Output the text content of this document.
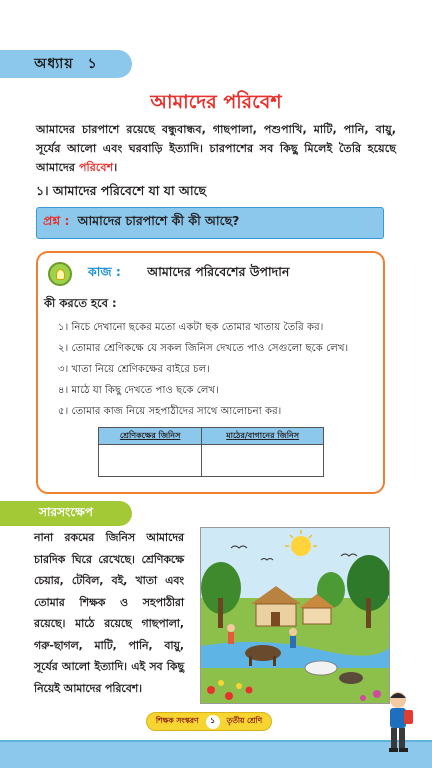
অধ্যায় ১
আমাদের পরিবেশ

আমাদের চারপাশে রয়েছে বন্ধুবান্ধব, গাছপালা, পশুপাখি, মাটি, পানি, বায়ু, সূর্যের আলো এবং ঘরবাড়ি ইত্যাদি। চারপাশের সব কিছু মিলেই তৈরি হয়েছে আমাদের পরিবেশ।

১। আমাদের পরিবেশে যা যা আছে
প্রশ্ন : আমাদের চারপাশে কী কী আছে?
কাজ : আমাদের পরিবেশের উপাদান
কী করতে হবে :
১। নিচে দেখানো ছকের মতো একটা ছক তোমার খাতায় তৈরি কর।
২। তোমার শ্রেণিকক্ষে যে সকল জিনিস দেখতে পাও সেগুলো ছকে লেখ।
৩। খাতা নিয়ে শ্রেণিকক্ষের বাইরে চল।
৪। মাঠে যা কিছু দেখতে পাও ছকে লেখ।
৫। তোমার কাজ নিয়ে সহপাঠীদের সাথে আলোচনা কর।
শ্রেণিকক্ষের জিনিস	মাঠের/বাগানের জিনিস

সারসংক্ষেপ

নানা রকমের জিনিস আমাদের চারদিক ঘিরে রেখেছে। শ্রেণিকক্ষে চেয়ার, টেবিল, বই, খাতা এবং তোমার শিক্ষক ও সহপাঠীরা রয়েছে। মাঠে রয়েছে গাছপালা, গরু-ছাগল, মাটি, পানি, বায়ু, সূর্যের আলো ইত্যাদি। এই সব কিছু নিয়েই আমাদের পরিবেশ।

শিক্ষক সংস্করণ	১	তৃতীয় শ্রেণি
